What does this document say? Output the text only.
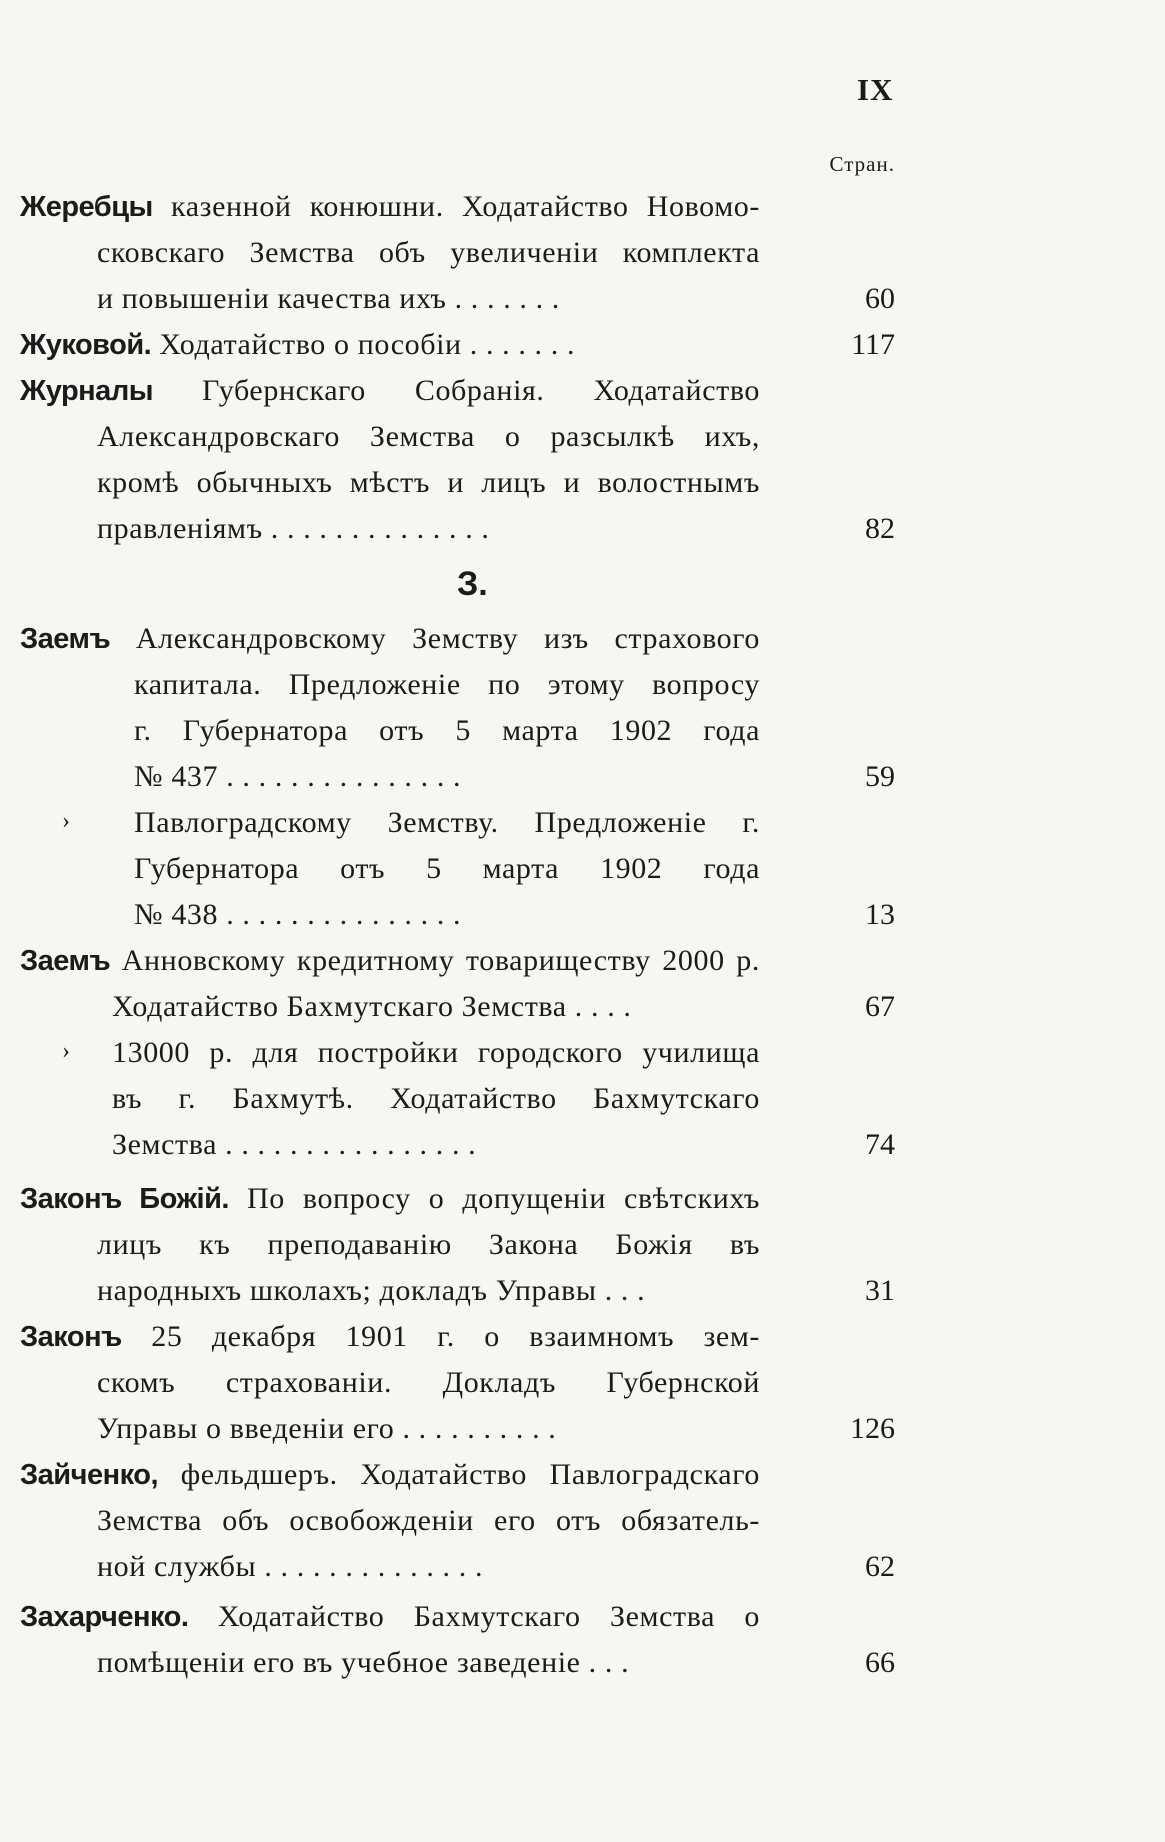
IX
Стран.
Жеребцы казенной конюшни. Ходатайство Новомо-
сковскаго Земства объ увеличеніи комплекта
и повышеніи качества ихъ . . . . . . .	60
Жуковой. Ходатайство о пособіи . . . . . . .	117
Журналы Губернскаго Собранія. Ходатайство
Александровскаго Земства о разсылкѣ ихъ,
кромѣ обычныхъ мѣстъ и лицъ и волостнымъ
правленіямъ . . . . . . . . . . . . . .	82
З.
Заемъ Александровскому Земству изъ страхового
капитала. Предложеніе по этому вопросу
г. Губернатора отъ 5 марта 1902 года
№ 437 . . . . . . . . . . . . . . .	59
› Павлоградскому Земству. Предложеніе г.
Губернатора отъ 5 марта 1902 года
№ 438 . . . . . . . . . . . . . . .	13
Заемъ Анновскому кредитному товариществу 2000 р.
Ходатайство Бахмутскаго Земства . . . .	67
› 13000 р. для постройки городского училища
въ г. Бахмутѣ. Ходатайство Бахмутскаго
Земства . . . . . . . . . . . . . . . .	74
Законъ Божій. По вопросу о допущеніи свѣтскихъ
лицъ къ преподаванію Закона Божія въ
народныхъ школахъ; докладъ Управы . . .	31
Законъ 25 декабря 1901 г. о взаимномъ зем-
скомъ страхованіи. Докладъ Губернской
Управы о введеніи его . . . . . . . . . .	126
Зайченко, фельдшеръ. Ходатайство Павлоградскаго
Земства объ освобожденіи его отъ обязатель-
ной службы . . . . . . . . . . . . . .	62
Захарченко. Ходатайство Бахмутскаго Земства о
помѣщеніи его въ учебное заведеніе . . .	66
